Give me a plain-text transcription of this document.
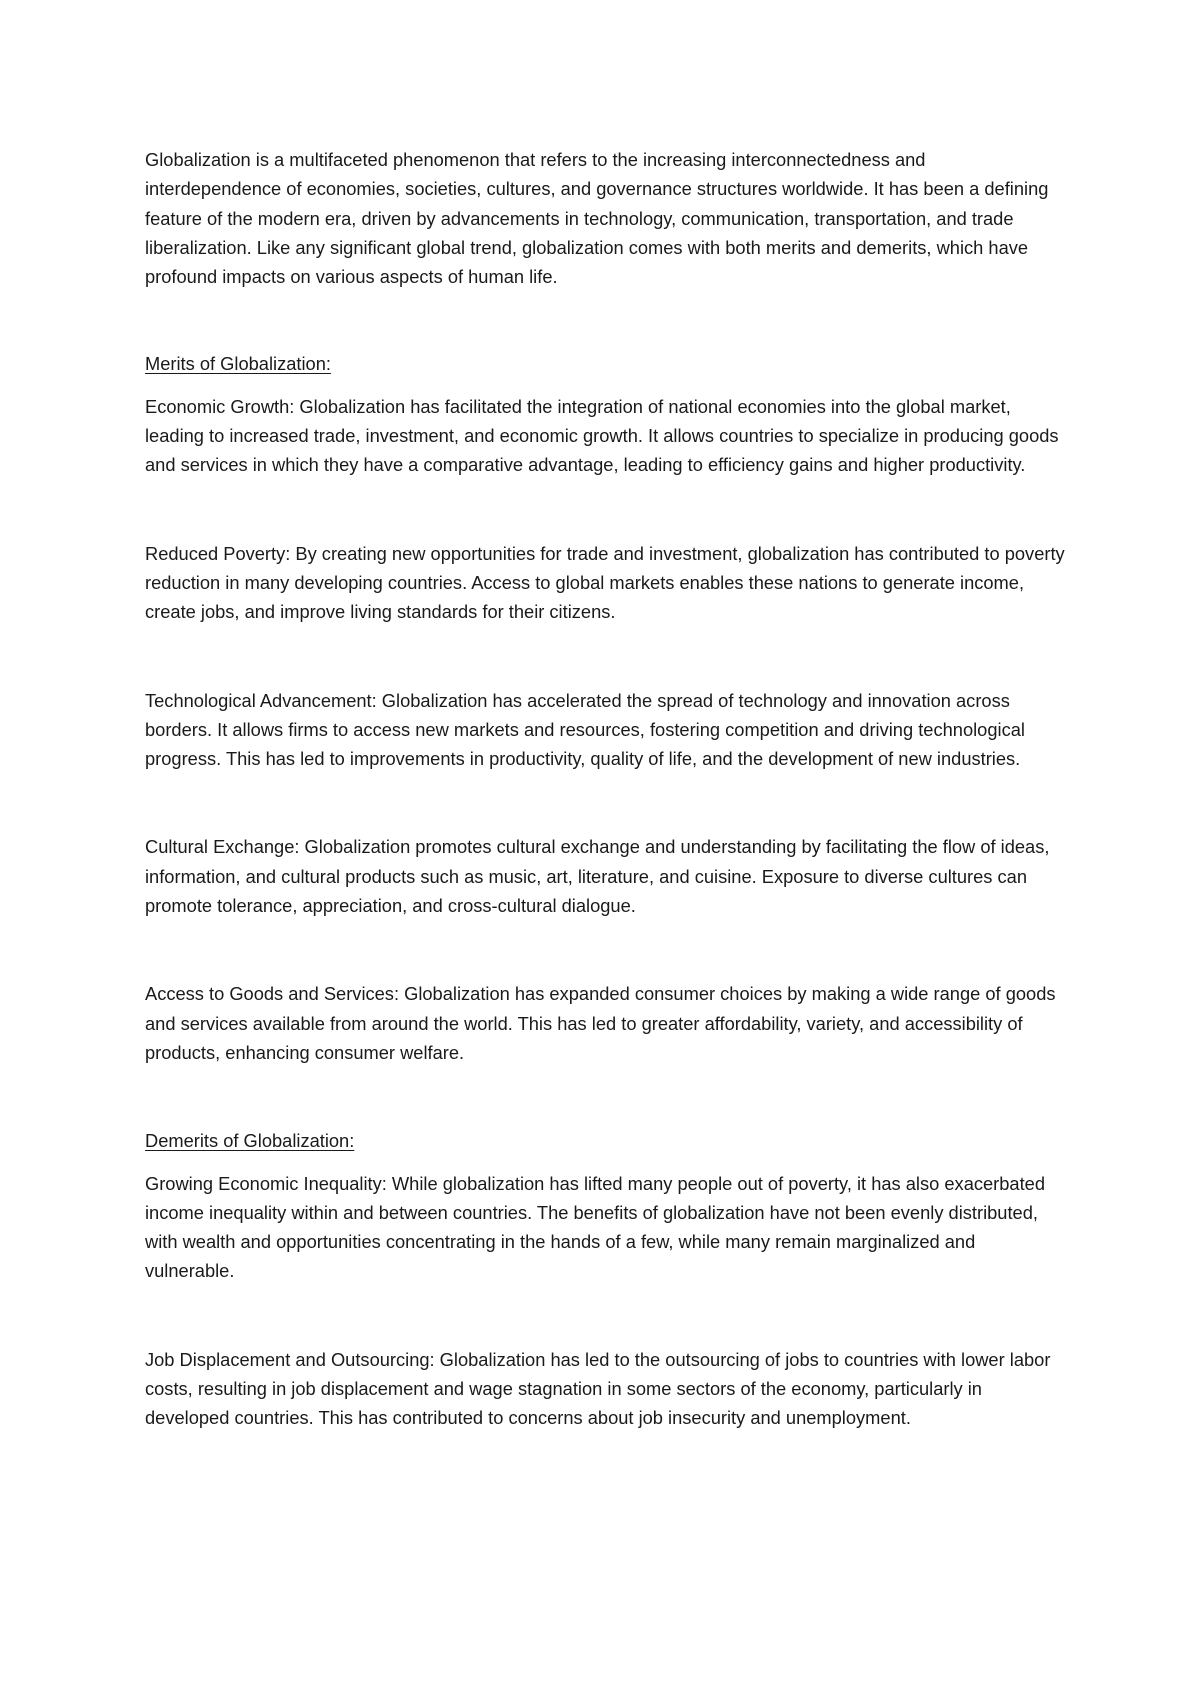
Globalization is a multifaceted phenomenon that refers to the increasing interconnectedness and interdependence of economies, societies, cultures, and governance structures worldwide. It has been a defining feature of the modern era, driven by advancements in technology, communication, transportation, and trade liberalization. Like any significant global trend, globalization comes with both merits and demerits, which have profound impacts on various aspects of human life.

Merits of Globalization:

Economic Growth: Globalization has facilitated the integration of national economies into the global market, leading to increased trade, investment, and economic growth. It allows countries to specialize in producing goods and services in which they have a comparative advantage, leading to efficiency gains and higher productivity.

Reduced Poverty: By creating new opportunities for trade and investment, globalization has contributed to poverty reduction in many developing countries. Access to global markets enables these nations to generate income, create jobs, and improve living standards for their citizens.

Technological Advancement: Globalization has accelerated the spread of technology and innovation across borders. It allows firms to access new markets and resources, fostering competition and driving technological progress. This has led to improvements in productivity, quality of life, and the development of new industries.

Cultural Exchange: Globalization promotes cultural exchange and understanding by facilitating the flow of ideas, information, and cultural products such as music, art, literature, and cuisine. Exposure to diverse cultures can promote tolerance, appreciation, and cross-cultural dialogue.

Access to Goods and Services: Globalization has expanded consumer choices by making a wide range of goods and services available from around the world. This has led to greater affordability, variety, and accessibility of products, enhancing consumer welfare.

Demerits of Globalization:

Growing Economic Inequality: While globalization has lifted many people out of poverty, it has also exacerbated income inequality within and between countries. The benefits of globalization have not been evenly distributed, with wealth and opportunities concentrating in the hands of a few, while many remain marginalized and vulnerable.

Job Displacement and Outsourcing: Globalization has led to the outsourcing of jobs to countries with lower labor costs, resulting in job displacement and wage stagnation in some sectors of the economy, particularly in developed countries. This has contributed to concerns about job insecurity and unemployment.
